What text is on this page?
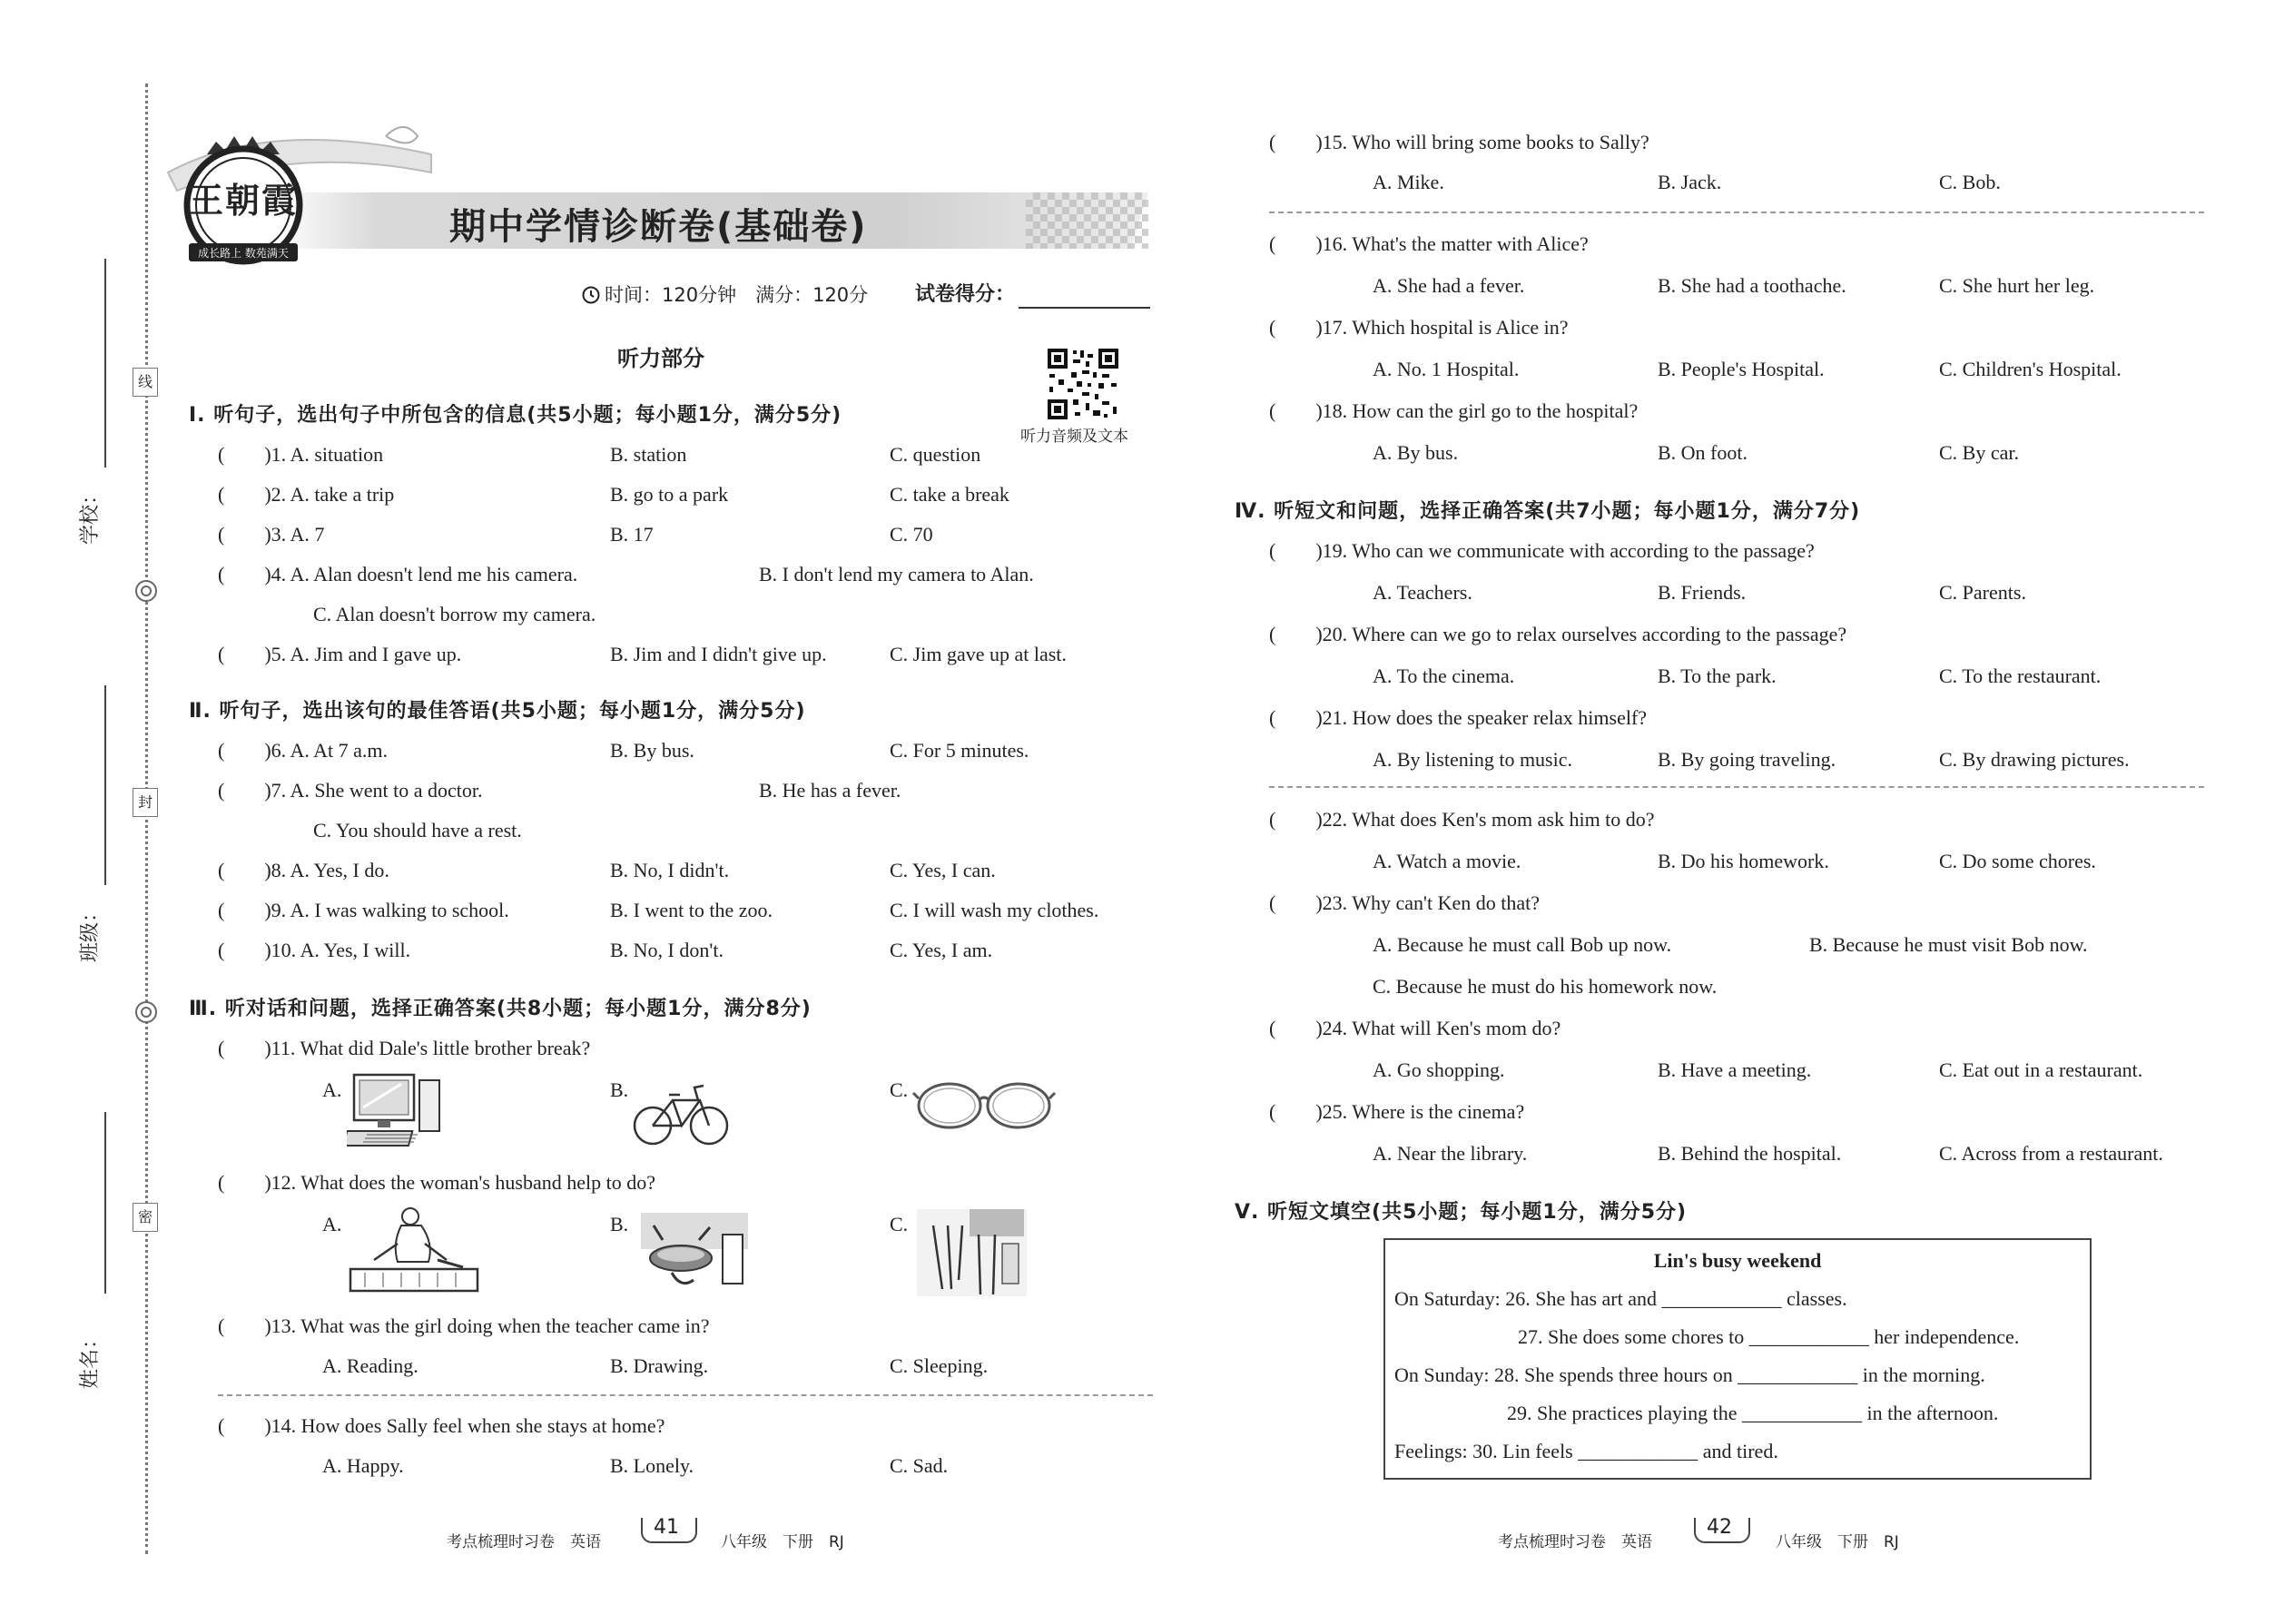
线
封
密
学校：
班级：
姓名：
王朝霞
成长路上 数苑满天
期中学情诊断卷(基础卷)
时间：120分钟　满分：120分 试卷得分：
听力部分
听力音频及文本
Ⅰ. 听句子，选出句子中所包含的信息(共5小题；每小题1分，满分5分)
(　　)1. A. situation	B. station	C. question
(　　)2. A. take a trip	B. go to a park	C. take a break
(　　)3. A. 7	B. 17	C. 70
(　　)4. A. Alan doesn't lend me his camera.	B. I don't lend my camera to Alan.
C. Alan doesn't borrow my camera.
(　　)5. A. Jim and I gave up.	B. Jim and I didn't give up.	C. Jim gave up at last.
Ⅱ. 听句子，选出该句的最佳答语(共5小题；每小题1分，满分5分)
(　　)6. A. At 7 a.m.	B. By bus.	C. For 5 minutes.
(　　)7. A. She went to a doctor.	B. He has a fever.
C. You should have a rest.
(　　)8. A. Yes, I do.	B. No, I didn't.	C. Yes, I can.
(　　)9. A. I was walking to school.	B. I went to the zoo.	C. I will wash my clothes.
(　　)10. A. Yes, I will.	B. No, I don't.	C. Yes, I am.
Ⅲ. 听对话和问题，选择正确答案(共8小题；每小题1分，满分8分)
(　　)11. What did Dale's little brother break?
A.	B.	C.
(　　)12. What does the woman's husband help to do?
A.	B.	C.
(　　)13. What was the girl doing when the teacher came in?
A. Reading.	B. Drawing.	C. Sleeping.
(　　)14. How does Sally feel when she stays at home?
A. Happy.	B. Lonely.	C. Sad.
考点梳理时习卷　英语
41
八年级　下册　RJ
(　　)15. Who will bring some books to Sally?
A. Mike.	B. Jack.	C. Bob.
(　　)16. What's the matter with Alice?
A. She had a fever.	B. She had a toothache.	C. She hurt her leg.
(　　)17. Which hospital is Alice in?
A. No. 1 Hospital.	B. People's Hospital.	C. Children's Hospital.
(　　)18. How can the girl go to the hospital?
A. By bus.	B. On foot.	C. By car.
Ⅳ. 听短文和问题，选择正确答案(共7小题；每小题1分，满分7分)
(　　)19. Who can we communicate with according to the passage?
A. Teachers.	B. Friends.	C. Parents.
(　　)20. Where can we go to relax ourselves according to the passage?
A. To the cinema.	B. To the park.	C. To the restaurant.
(　　)21. How does the speaker relax himself?
A. By listening to music.	B. By going traveling.	C. By drawing pictures.
(　　)22. What does Ken's mom ask him to do?
A. Watch a movie.	B. Do his homework.	C. Do some chores.
(　　)23. Why can't Ken do that?
A. Because he must call Bob up now.	B. Because he must visit Bob now.
C. Because he must do his homework now.
(　　)24. What will Ken's mom do?
A. Go shopping.	B. Have a meeting.	C. Eat out in a restaurant.
(　　)25. Where is the cinema?
A. Near the library.	B. Behind the hospital.	C. Across from a restaurant.
Ⅴ. 听短文填空(共5小题；每小题1分，满分5分)
Lin's busy weekend
On Saturday: 26. She has art and ____________ classes.
27. She does some chores to ____________ her independence.
On Sunday: 28. She spends three hours on ____________ in the morning.
29. She practices playing the ____________ in the afternoon.
Feelings: 30. Lin feels ____________ and tired.
考点梳理时习卷　英语
42
八年级　下册　RJ
